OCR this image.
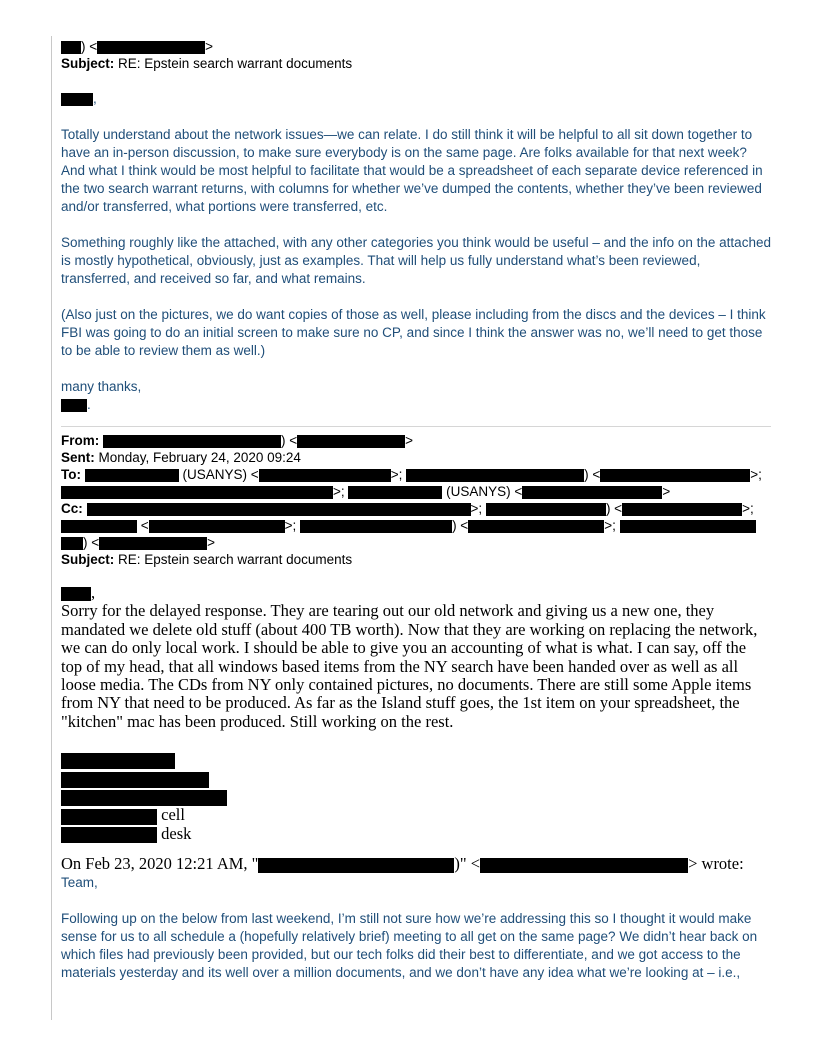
) <	>
Subject: RE: Epstein search warrant documents
,

Totally understand about the network issues—we can relate. I do still think it will be helpful to all sit down together to have an in-person discussion, to make sure everybody is on the same page. Are folks available for that next week? And what I think would be most helpful to facilitate that would be a spreadsheet of each separate device referenced in the two search warrant returns, with columns for whether we’ve dumped the contents, whether they’ve been reviewed and/or transferred, what portions were transferred, etc.

Something roughly like the attached, with any other categories you think would be useful – and the info on the attached is mostly hypothetical, obviously, just as examples. That will help us fully understand what’s been reviewed, transferred, and received so far, and what remains.

(Also just on the pictures, we do want copies of those as well, please including from the discs and the devices – I think FBI was going to do an initial screen to make sure no CP, and since I think the answer was no, we’ll need to get those to be able to review them as well.)

many thanks,

.
From:	) <	>
Sent: Monday, February 24, 2020 09:24
To:	(USANYS) <	>;	) <	>;
>;	(USANYS) <	>
Cc:	>;	) <	>;
<	>;	) <	>;
) <	>
Subject: RE: Epstein search warrant documents
,

Sorry for the delayed response. They are tearing out our old network and giving us a new one, they mandated we delete old stuff (about 400 TB worth). Now that they are working on replacing the network, we can do only local work. I should be able to give you an accounting of what is what. I can say, off the top of my head, that all windows based items from the NY search have been handed over as well as all loose media. The CDs from NY only contained pictures, no documents. There are still some Apple items from NY that need to be produced. As far as the Island stuff goes, the 1st item on your spreadsheet, the "kitchen" mac has been produced. Still working on the rest.

cell
desk
On Feb 23, 2020 12:21 AM, "	)" <	> wrote:
Team,

Following up on the below from last weekend, I’m still not sure how we’re addressing this so I thought it would make sense for us to all schedule a (hopefully relatively brief) meeting to all get on the same page? We didn’t hear back on which files had previously been provided, but our tech folks did their best to differentiate, and we got access to the materials yesterday and its well over a million documents, and we don’t have any idea what we’re looking at – i.e.,
